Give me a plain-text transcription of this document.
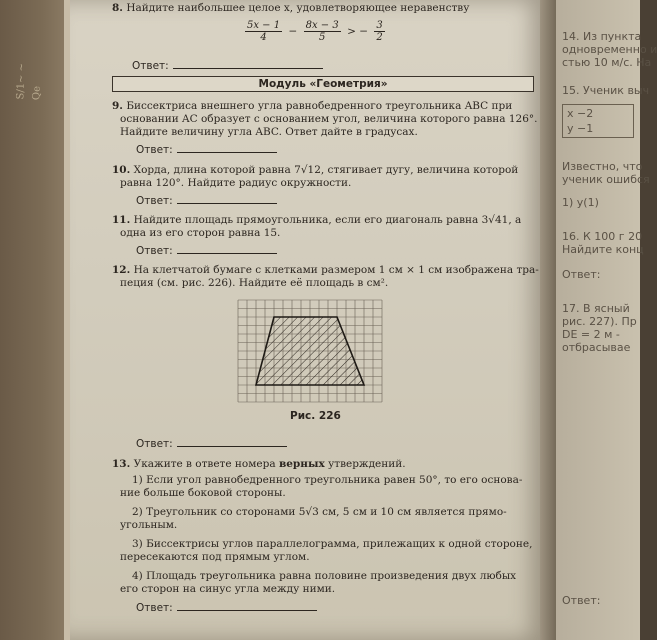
S/1~ ~ Qe
8. Найдите наибольшее целое x, удовлетворяющее неравенству
$\frac{5x - 1}{4} - \frac{8x - 3}{5}$ > − $\frac{3}{2}$
Ответ:
Модуль «Геометрия»
9. Биссектриса внешнего угла равнобедренного треугольника ABC при
основании AC образует с основанием угол, величина которого равна 126°.
Найдите величину угла ABC. Ответ дайте в градусах.
Ответ:
10. Хорда, длина которой равна 7√12, стягивает дугу, величина которой
равна 120°. Найдите радиус окружности.
Ответ:
11. Найдите площадь прямоугольника, если его диагональ равна 3√41, а
одна из его сторон равна 15.
Ответ:
12. На клетчатой бумаге с клетками размером 1 см × 1 см изображена тра-
пеция (см. рис. 226). Найдите её площадь в см².
Рис. 226
Ответ:
13. Укажите в ответе номера верных утверждений.
1) Если угол равнобедренного треугольника равен 50°, то его основа-
ние больше боковой стороны.
2) Треугольник со сторонами 5√3 см, 5 см и 10 см является прямо-
угольным.
3) Биссектрисы углов параллелограмма, прилежащих к одной стороне,
пересекаются под прямым углом.
4) Площадь треугольника равна половине произведения двух любых
его сторон на синус угла между ними.
Ответ:
14. Из пункта
одновременно и
стью 10 м/с. На
15. Ученик выч
x −2
y −1
Известно, что
ученик ошибся
1) y(1)
16. К 100 г 20
Найдите конц
Ответ:
17. В ясный
рис. 227). Пр
DE = 2 м -
отбрасывае
Ответ:
